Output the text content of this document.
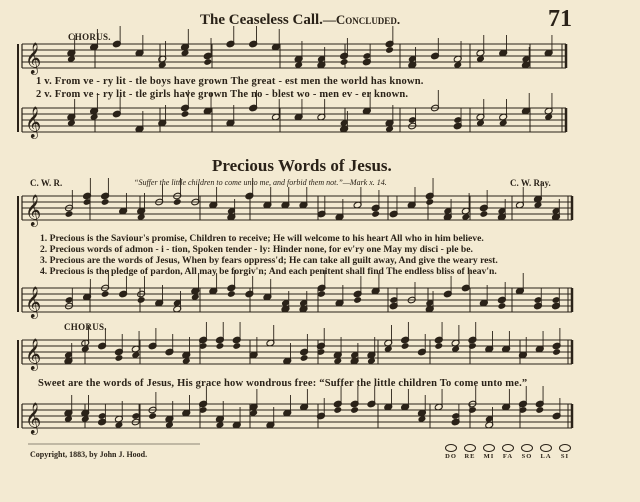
The Ceaseless Call.—Concluded.	71
CHORUS.
1 v. From ve - ry lit - tle boys have grown The great - est men the world has known.
2 v. From ve - ry lit - tle girls have grown The no - blest wo - men ev - er known.
Precious Words of Jesus.
C. W. R.	“Suffer the little children to come unto me, and forbid them not.”—Mark x. 14.	C. W. Ray.
1. Precious is the Saviour's promise, Children to receive; He will welcome to his heart All who in him believe.
2. Precious words of admon - i - tion, Spoken tender - ly: Hinder none, for ev'ry one May my disci - ple be.
3. Precious are the words of Jesus, When by fears oppress'd; He can take all guilt away, And give the weary rest.
4. Precious is the pledge of pardon, All may be forgiv'n; And each penitent shall find The endless bliss of heav'n.
CHORUS.
Sweet are the words of Jesus, His grace how wondrous free: “Suffer the little children To come unto me.”
Copyright, 1883, by John J. Hood.	DO	RE	MI	FA	SO	LA	SI
𝄞
𝄞
𝄞
𝄞
𝄞
𝄞
